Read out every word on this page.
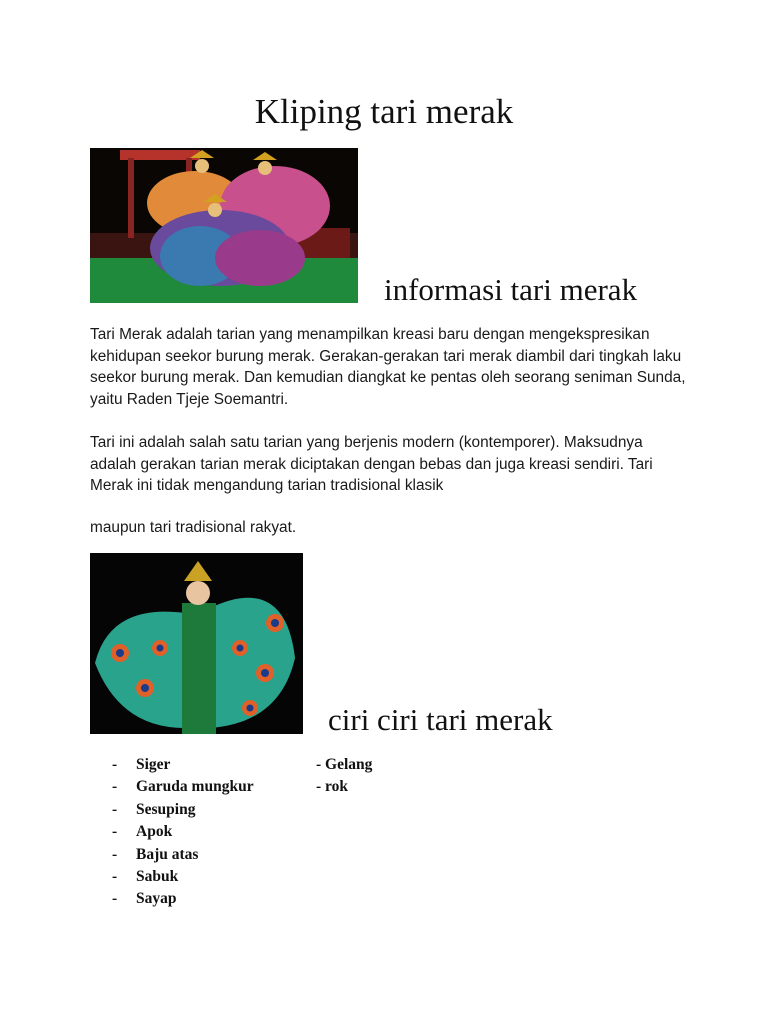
Kliping tari merak
informasi tari merak

Tari Merak adalah tarian yang menampilkan kreasi baru dengan mengekspresikan kehidupan seekor burung merak. Gerakan-gerakan tari merak diambil dari tingkah laku seekor burung merak. Dan kemudian diangkat ke pentas oleh seorang seniman Sunda, yaitu Raden Tjeje Soemantri.

Tari ini adalah salah satu tarian yang berjenis modern (kontemporer). Maksudnya adalah gerakan tarian merak diciptakan dengan bebas dan juga kreasi sendiri. Tari Merak ini tidak mengandung tarian tradisional klasik

maupun tari tradisional rakyat.

ciri ciri tari merak
- Siger
- Garuda mungkur
- Sesuping
- Apok
- Baju atas
- Sabuk
- Sayap
- Gelang
- rok
